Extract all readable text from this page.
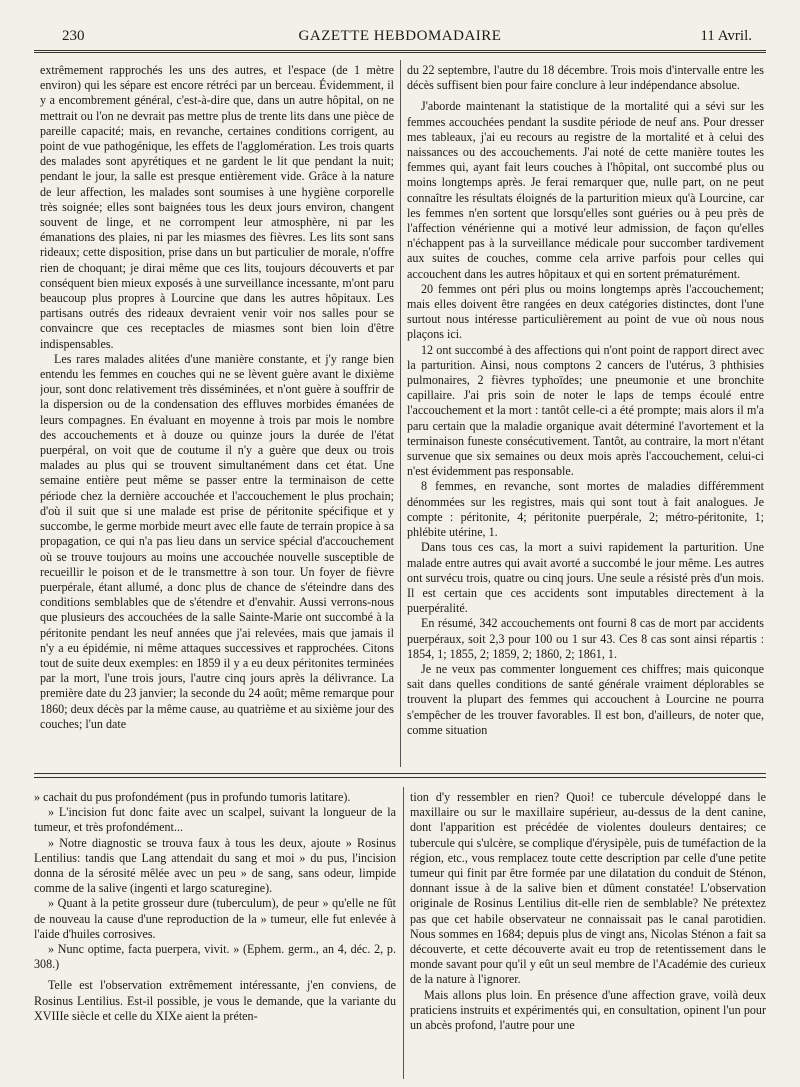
230	GAZETTE HEBDOMADAIRE	11 Avril.

extrêmement rapprochés les uns des autres, et l'espace (de 1 mètre environ) qui les sépare est encore rétréci par un berceau. Évidemment, il y a encombrement général, c'est-à-dire que, dans un autre hôpital, on ne mettrait ou l'on ne devrait pas mettre plus de trente lits dans une pièce de pareille capacité; mais, en revanche, certaines conditions corrigent, au point de vue pathogénique, les effets de l'agglomération. Les trois quarts des malades sont apyrétiques et ne gardent le lit que pendant la nuit; pendant le jour, la salle est presque entièrement vide. Grâce à la nature de leur affection, les malades sont soumises à une hygiène corporelle très soignée; elles sont baignées tous les deux jours environ, changent souvent de linge, et ne corrompent leur atmosphère, ni par les émanations des plaies, ni par les miasmes des fièvres. Les lits sont sans rideaux; cette disposition, prise dans un but particulier de morale, n'offre rien de choquant; je dirai même que ces lits, toujours découverts et par conséquent bien mieux exposés à une surveillance incessante, m'ont paru beaucoup plus propres à Lourcine que dans les autres hôpitaux. Les partisans outrés des rideaux devraient venir voir nos salles pour se convaincre que ces receptacles de miasmes sont bien loin d'être indispensables.

Les rares malades alitées d'une manière constante, et j'y range bien entendu les femmes en couches qui ne se lèvent guère avant le dixième jour, sont donc relativement très disséminées, et n'ont guère à souffrir de la dispersion ou de la condensation des effluves morbides émanées de leurs compagnes. En évaluant en moyenne à trois par mois le nombre des accouchements et à douze ou quinze jours la durée de l'état puerpéral, on voit que de coutume il n'y a guère que deux ou trois malades au plus qui se trouvent simultanément dans cet état. Une semaine entière peut même se passer entre la terminaison de cette période chez la dernière accouchée et l'accouchement le plus prochain; d'où il suit que si une malade est prise de péritonite spécifique et y succombe, le germe morbide meurt avec elle faute de terrain propice à sa propagation, ce qui n'a pas lieu dans un service spécial d'accouchement où se trouve toujours au moins une accouchée nouvelle susceptible de recueillir le poison et de le transmettre à son tour. Un foyer de fièvre puerpérale, étant allumé, a donc plus de chance de s'éteindre dans des conditions semblables que de s'étendre et d'envahir. Aussi verrons-nous que plusieurs des accouchées de la salle Sainte-Marie ont succombé à la péritonite pendant les neuf années que j'ai relevées, mais que jamais il n'y a eu épidémie, ni même attaques successives et rapprochées. Citons tout de suite deux exemples: en 1859 il y a eu deux péritonites terminées par la mort, l'une trois jours, l'autre cinq jours après la délivrance. La première date du 23 janvier; la seconde du 24 août; même remarque pour 1860; deux décès par la même cause, au quatrième et au sixième jour des couches; l'un date

du 22 septembre, l'autre du 18 décembre. Trois mois d'intervalle entre les décès suffisent bien pour faire conclure à leur indépendance absolue.

J'aborde maintenant la statistique de la mortalité qui a sévi sur les femmes accouchées pendant la susdite période de neuf ans. Pour dresser mes tableaux, j'ai eu recours au registre de la mortalité et à celui des naissances ou des accouchements. J'ai noté de cette manière toutes les femmes qui, ayant fait leurs couches à l'hôpital, ont succombé plus ou moins longtemps après. Je ferai remarquer que, nulle part, on ne peut connaître les résultats éloignés de la parturition mieux qu'à Lourcine, car les femmes n'en sortent que lorsqu'elles sont guéries ou à peu près de l'affection vénérienne qui a motivé leur admission, de façon qu'elles n'échappent pas à la surveillance médicale pour succomber tardivement aux suites de couches, comme cela arrive parfois pour celles qui accouchent dans les autres hôpitaux et qui en sortent prématurément.

20 femmes ont péri plus ou moins longtemps après l'accouchement; mais elles doivent être rangées en deux catégories distinctes, dont l'une surtout nous intéresse particulièrement au point de vue où nous nous plaçons ici.

12 ont succombé à des affections qui n'ont point de rapport direct avec la parturition. Ainsi, nous comptons 2 cancers de l'utérus, 3 phthisies pulmonaires, 2 fièvres typhoïdes; une pneumonie et une bronchite capillaire. J'ai pris soin de noter le laps de temps écoulé entre l'accouchement et la mort : tantôt celle-ci a été prompte; mais alors il m'a paru certain que la maladie organique avait déterminé l'avortement et la terminaison funeste consécutivement. Tantôt, au contraire, la mort n'étant survenue que six semaines ou deux mois après l'accouchement, celui-ci n'est évidemment pas responsable.

8 femmes, en revanche, sont mortes de maladies différemment dénommées sur les registres, mais qui sont tout à fait analogues. Je compte : péritonite, 4; péritonite puerpérale, 2; métro-péritonite, 1; phlébite utérine, 1.

Dans tous ces cas, la mort a suivi rapidement la parturition. Une malade entre autres qui avait avorté a succombé le jour même. Les autres ont survécu trois, quatre ou cinq jours. Une seule a résisté près d'un mois. Il est certain que ces accidents sont imputables directement à la puerpéralité.

En résumé, 342 accouchements ont fourni 8 cas de mort par accidents puerpéraux, soit 2,3 pour 100 ou 1 sur 43. Ces 8 cas sont ainsi répartis : 1854, 1; 1855, 2; 1859, 2; 1860, 2; 1861, 1.

Je ne veux pas commenter longuement ces chiffres; mais quiconque sait dans quelles conditions de santé générale vraiment déplorables se trouvent la plupart des femmes qui accouchent à Lourcine ne pourra s'empêcher de les trouver favorables. Il est bon, d'ailleurs, de noter que, comme situation

» cachait du pus profondément (pus in profundo tumoris latitare).

» L'incision fut donc faite avec un scalpel, suivant la longueur de la tumeur, et très profondément...

» Notre diagnostic se trouva faux à tous les deux, ajoute » Rosinus Lentilius: tandis que Lang attendait du sang et moi » du pus, l'incision donna de la sérosité mêlée avec un peu » de sang, sans odeur, limpide comme de la salive (ingenti et largo scaturegine).

» Quant à la petite grosseur dure (tuberculum), de peur » qu'elle ne fût de nouveau la cause d'une reproduction de la » tumeur, elle fut enlevée à l'aide d'huiles corrosives.

» Nunc optime, facta puerpera, vivit. » (Ephem. germ., an 4, déc. 2, p. 308.)

Telle est l'observation extrêmement intéressante, j'en conviens, de Rosinus Lentilius. Est-il possible, je vous le demande, que la variante du XVIIIe siècle et celle du XIXe aient la préten-

tion d'y ressembler en rien? Quoi! ce tubercule développé dans le maxillaire ou sur le maxillaire supérieur, au-dessus de la dent canine, dont l'apparition est précédée de violentes douleurs dentaires; ce tubercule qui s'ulcère, se complique d'érysipèle, puis de tuméfaction de la région, etc., vous remplacez toute cette description par celle d'une petite tumeur qui finit par être formée par une dilatation du conduit de Sténon, donnant issue à de la salive bien et dûment constatée! L'observation originale de Rosinus Lentilius dit-elle rien de semblable? Ne prétextez pas que cet habile observateur ne connaissait pas le canal parotidien. Nous sommes en 1684; depuis plus de vingt ans, Nicolas Sténon a fait sa découverte, et cette découverte avait eu trop de retentissement dans le monde savant pour qu'il y eût un seul membre de l'Académie des curieux de la nature à l'ignorer.

Mais allons plus loin. En présence d'une affection grave, voilà deux praticiens instruits et expérimentés qui, en consultation, opinent l'un pour un abcès profond, l'autre pour une
